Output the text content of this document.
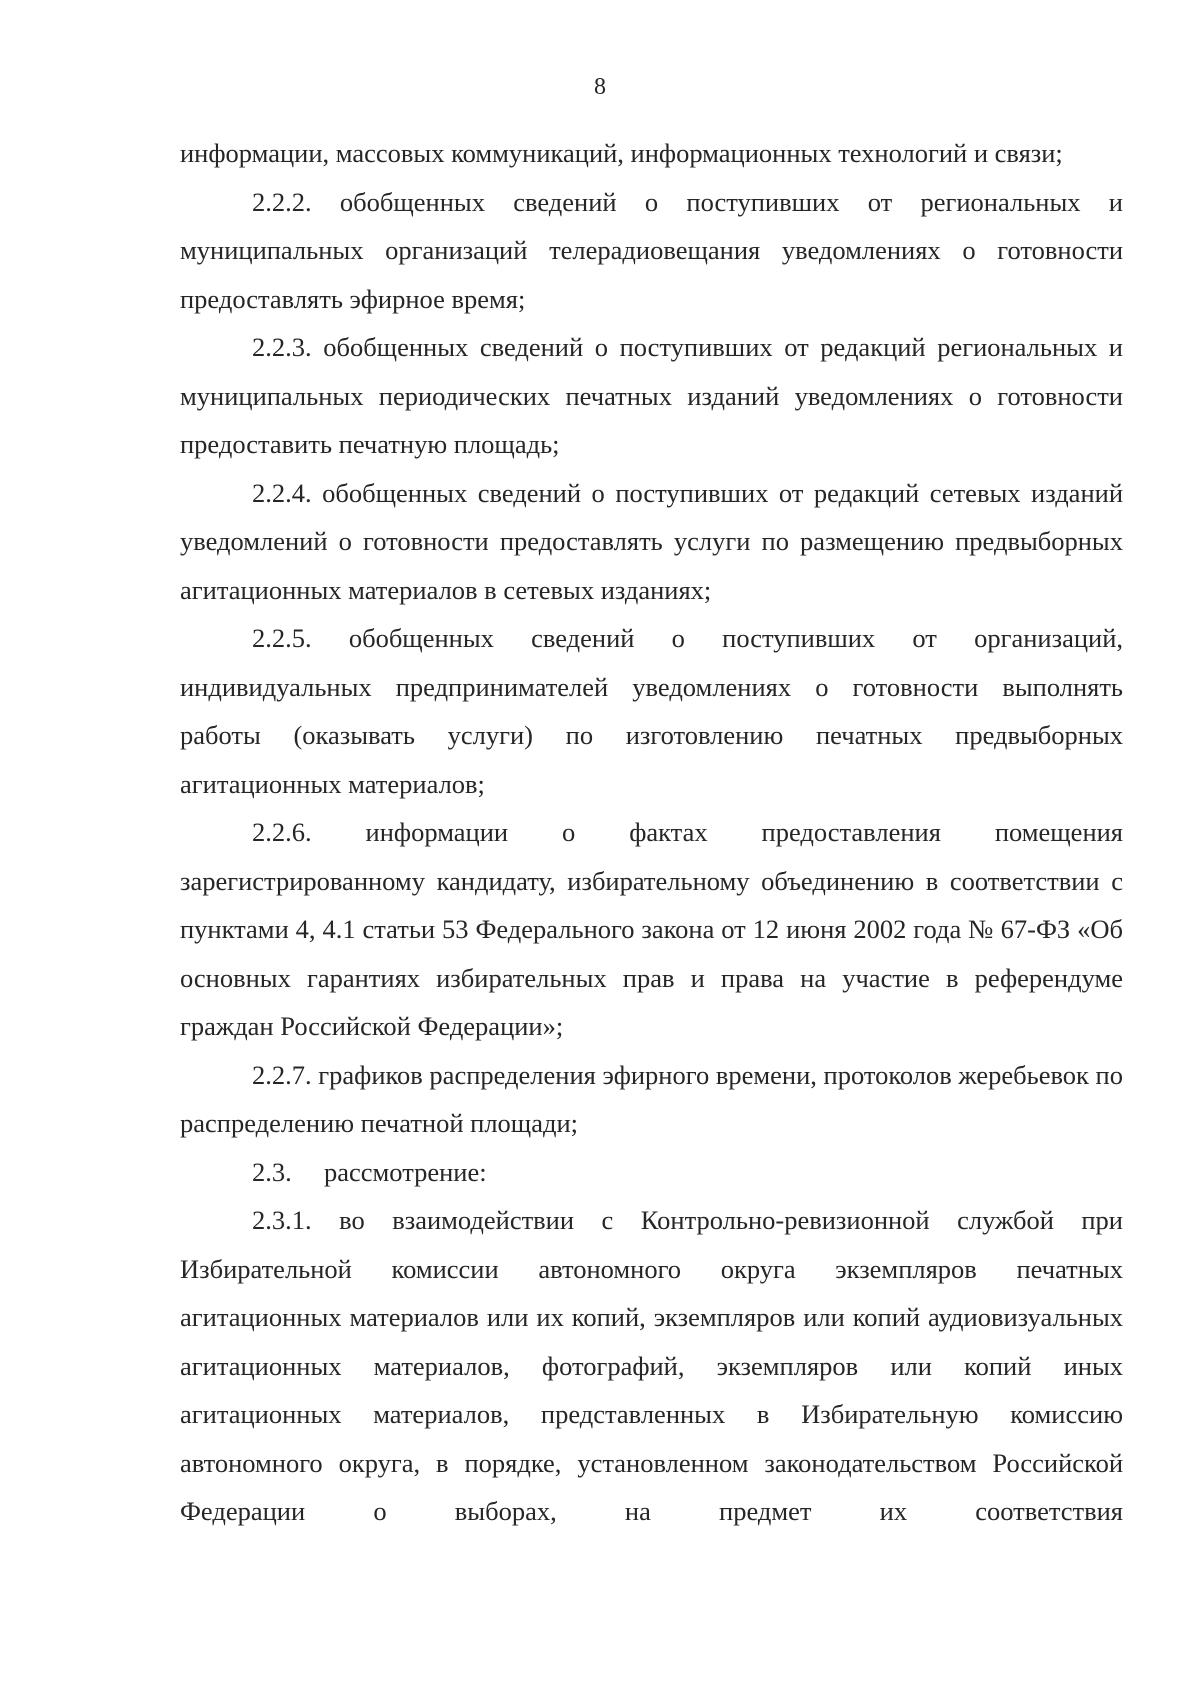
8

информации, массовых коммуникаций, информационных технологий и связи;

2.2.2. обобщенных сведений о поступивших от региональных и муниципальных организаций телерадиовещания уведомлениях о готовности предоставлять эфирное время;

2.2.3. обобщенных сведений о поступивших от редакций региональных и муниципальных периодических печатных изданий уведомлениях о готовности предоставить печатную площадь;

2.2.4. обобщенных сведений о поступивших от редакций сетевых изданий уведомлений о готовности предоставлять услуги по размещению предвыборных агитационных материалов в сетевых изданиях;

2.2.5. обобщенных сведений о поступивших от организаций, индивидуальных предпринимателей уведомлениях о готовности выполнять работы (оказывать услуги) по изготовлению печатных предвыборных агитационных материалов;

2.2.6. информации о фактах предоставления помещения зарегистрированному кандидату, избирательному объединению в соответствии с пунктами 4, 4.1 статьи 53 Федерального закона от 12 июня 2002 года № 67-ФЗ «Об основных гарантиях избирательных прав и права на участие в референдуме граждан Российской Федерации»;

2.2.7. графиков распределения эфирного времени, протоколов жеребьевок по распределению печатной площади;

2.3. рассмотрение:

2.3.1. во взаимодействии с Контрольно-ревизионной службой при Избирательной комиссии автономного округа экземпляров печатных агитационных материалов или их копий, экземпляров или копий аудиовизуальных агитационных материалов, фотографий, экземпляров или копий иных агитационных материалов, представленных в Избирательную комиссию автономного округа, в порядке, установленном законодательством Российской Федерации о выборах, на предмет их соответствия
